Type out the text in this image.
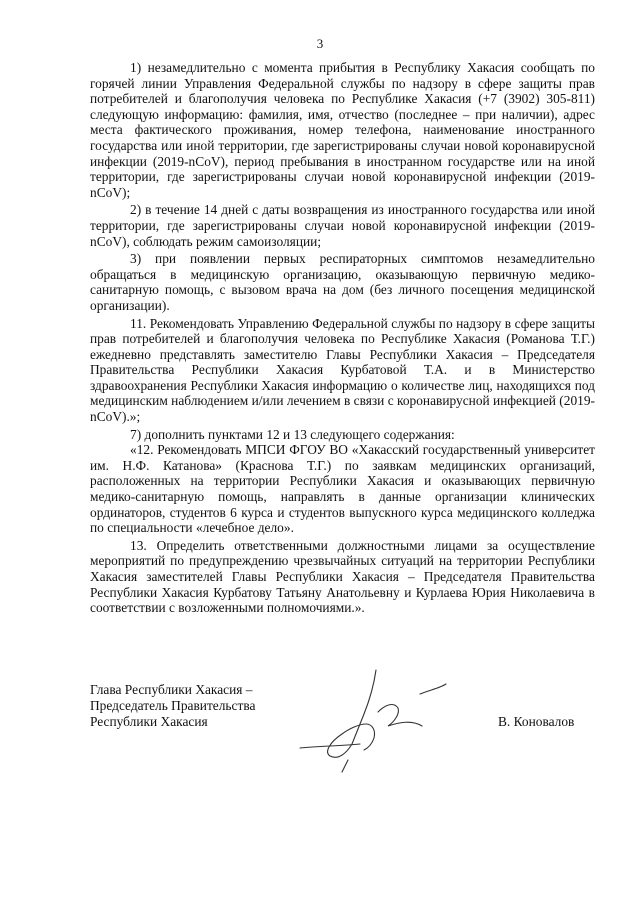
3

1) незамедлительно с момента прибытия в Республику Хакасия сообщать по горячей линии Управления Федеральной службы по надзору в сфере защиты прав потребителей и благополучия человека по Республике Хакасия (+7 (3902) 305-811) следующую информацию: фамилия, имя, отчество (последнее – при наличии), адрес места фактического проживания, номер телефона, наименование иностранного государства или иной территории, где зарегистрированы случаи новой коронавирусной инфекции (2019-nCoV), период пребывания в иностранном государстве или на иной территории, где зарегистрированы случаи новой коронавирусной инфекции (2019-nCoV);

2) в течение 14 дней с даты возвращения из иностранного государства или иной территории, где зарегистрированы случаи новой коронавирусной инфекции (2019-nCoV), соблюдать режим самоизоляции;

3) при появлении первых респираторных симптомов незамедлительно обращаться в медицинскую организацию, оказывающую первичную медико-санитарную помощь, с вызовом врача на дом (без личного посещения медицинской организации).

11. Рекомендовать Управлению Федеральной службы по надзору в сфере защиты прав потребителей и благополучия человека по Республике Хакасия (Романова Т.Г.) ежедневно представлять заместителю Главы Республики Хакасия – Председателя Правительства Республики Хакасия Курбатовой Т.А. и в Министерство здравоохранения Республики Хакасия информацию о количестве лиц, находящихся под медицинским наблюдением и/или лечением в связи с коронавирусной инфекцией (2019-nCoV).»;

7) дополнить пунктами 12 и 13 следующего содержания:

«12. Рекомендовать МПСИ ФГОУ ВО «Хакасский государственный университет им. Н.Ф. Катанова» (Краснова Т.Г.) по заявкам медицинских организаций, расположенных на территории Республики Хакасия и оказывающих первичную медико-санитарную помощь, направлять в данные организации клинических ординаторов, студентов 6 курса и студентов выпускного курса медицинского колледжа по специальности «лечебное дело».

13. Определить ответственными должностными лицами за осуществление мероприятий по предупреждению чрезвычайных ситуаций на территории Республики Хакасия заместителей Главы Республики Хакасия – Председателя Правительства Республики Хакасия Курбатову Татьяну Анатольевну и Курлаева Юрия Николаевича в соответствии с возложенными полномочиями.».

Глава Республики Хакасия –
Председатель Правительства
Республики Хакасия	В. Коновалов
